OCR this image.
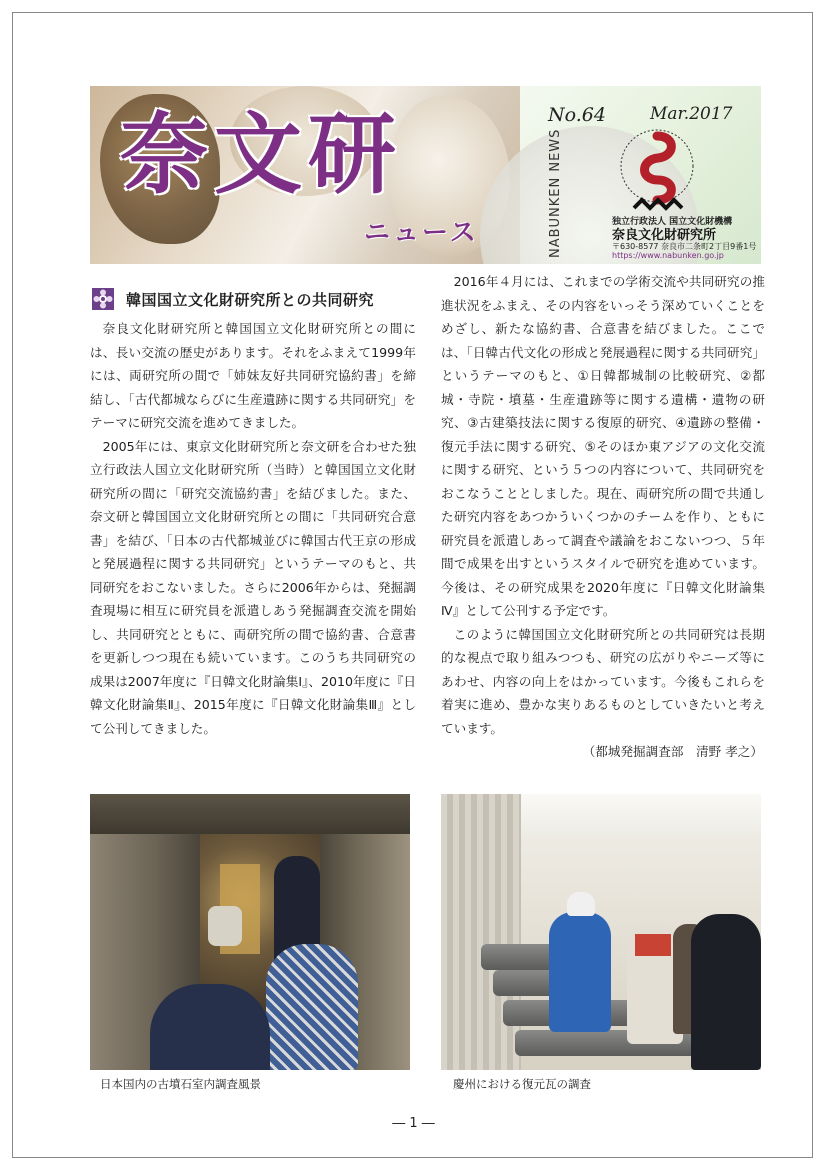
奈文研
ニュース
No.64	Mar.2017
NABUNKEN NEWS	独立行政法人 国立文化財機構
奈良文化財研究所
〒630-8577 奈良市二条町2丁目9番1号
https://www.nabunken.go.jp
韓国国立文化財研究所との共同研究

奈良文化財研究所と韓国国立文化財研究所との間には、長い交流の歴史があります。それをふまえて1999年には、両研究所の間で「姉妹友好共同研究協約書」を締結し、「古代都城ならびに生産遺跡に関する共同研究」をテーマに研究交流を進めてきました。

2005年には、東京文化財研究所と奈文研を合わせた独立行政法人国立文化財研究所（当時）と韓国国立文化財研究所の間に「研究交流協約書」を結びました。また、奈文研と韓国国立文化財研究所との間に「共同研究合意書」を結び、「日本の古代都城並びに韓国古代王京の形成と発展過程に関する共同研究」というテーマのもと、共同研究をおこないました。さらに2006年からは、発掘調査現場に相互に研究員を派遣しあう発掘調査交流を開始し、共同研究とともに、両研究所の間で協約書、合意書を更新しつつ現在も続いています。このうち共同研究の成果は2007年度に『日韓文化財論集Ⅰ』、2010年度に『日韓文化財論集Ⅱ』、2015年度に『日韓文化財論集Ⅲ』として公刊してきました。

2016年４月には、これまでの学術交流や共同研究の推進状況をふまえ、その内容をいっそう深めていくことをめざし、新たな協約書、合意書を結びました。ここでは、「日韓古代文化の形成と発展過程に関する共同研究」というテーマのもと、①日韓都城制の比較研究、②都城・寺院・墳墓・生産遺跡等に関する遺構・遺物の研究、③古建築技法に関する復原的研究、④遺跡の整備・復元手法に関する研究、⑤そのほか東アジアの文化交流に関する研究、という５つの内容について、共同研究をおこなうこととしました。現在、両研究所の間で共通した研究内容をあつかういくつかのチームを作り、ともに研究員を派遣しあって調査や議論をおこないつつ、５年間で成果を出すというスタイルで研究を進めています。今後は、その研究成果を2020年度に『日韓文化財論集Ⅳ』として公刊する予定です。

このように韓国国立文化財研究所との共同研究は長期的な視点で取り組みつつも、研究の広がりやニーズ等にあわせ、内容の向上をはかっています。今後もこれらを着実に進め、豊かな実りあるものとしていきたいと考えています。

（都城発掘調査部　清野 孝之）

日本国内の古墳石室内調査風景	慶州における復元瓦の調査
― 1 ―
